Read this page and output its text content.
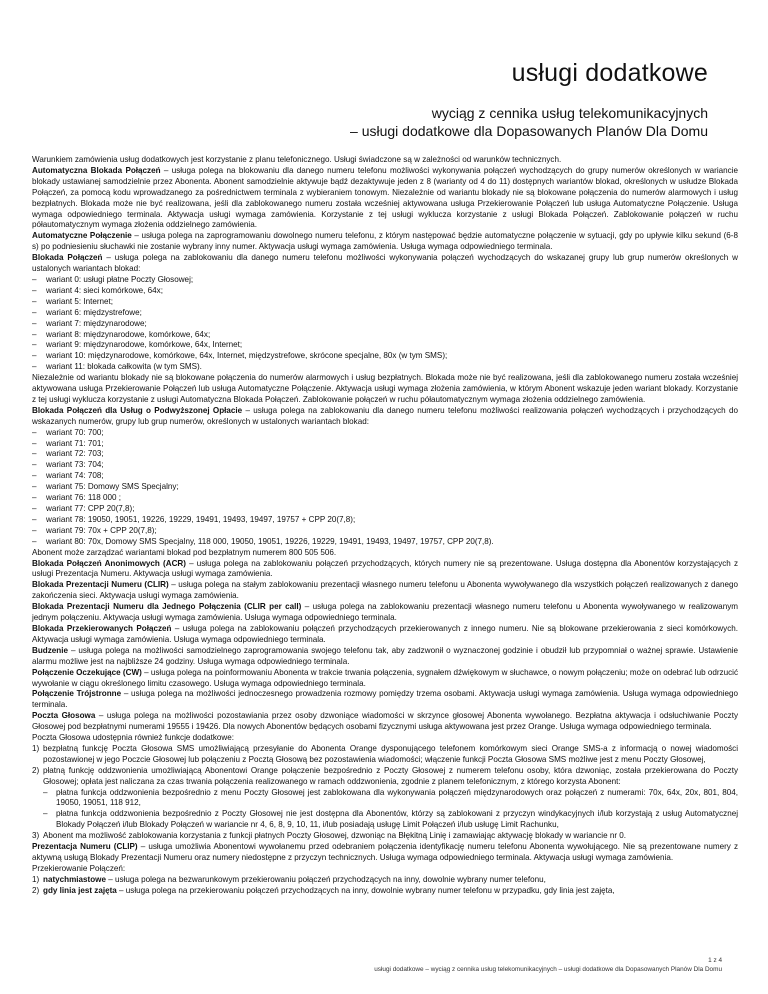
usługi dodatkowe
wyciąg z cennika usług telekomunikacyjnych
– usługi dodatkowe dla Dopasowanych Planów Dla Domu

Warunkiem zamówienia usług dodatkowych jest korzystanie z planu telefonicznego. Usługi świadczone są w zależności od warunków technicznych.

Automatyczna Blokada Połączeń – usługa polega na blokowaniu dla danego numeru telefonu możliwości wykonywania połączeń wychodzących do grupy numerów określonych w wariancie blokady ustawianej samodzielnie przez Abonenta. Abonent samodzielnie aktywuje bądź dezaktywuje jeden z 8 (warianty od 4 do 11) dostępnych wariantów blokad, określonych w usłudze Blokada Połączeń, za pomocą kodu wprowadzanego za pośrednictwem terminala z wybieraniem tonowym. Niezależnie od wariantu blokady nie są blokowane połączenia do numerów alarmowych i usług bezpłatnych. Blokada może nie być realizowana, jeśli dla zablokowanego numeru została wcześniej aktywowana usługa Przekierowanie Połączeń lub usługa Automatyczne Połączenie. Usługa wymaga odpowiedniego terminala. Aktywacja usługi wymaga zamówienia. Korzystanie z tej usługi wyklucza korzystanie z usługi Blokada Połączeń. Zablokowanie połączeń w ruchu półautomatycznym wymaga złożenia oddzielnego zamówienia.

Automatyczne Połączenie – usługa polega na zaprogramowaniu dowolnego numeru telefonu, z którym następować będzie automatyczne połączenie w sytuacji, gdy po upływie kilku sekund (6-8 s) po podniesieniu słuchawki nie zostanie wybrany inny numer. Aktywacja usługi wymaga zamówienia. Usługa wymaga odpowiedniego terminala.

Blokada Połączeń – usługa polega na zablokowaniu dla danego numeru telefonu możliwości wykonywania połączeń wychodzących do wskazanej grupy lub grup numerów określonych w ustalonych wariantach blokad:

– wariant 0: usługi płatne Poczty Głosowej;

– wariant 4: sieci komórkowe, 64x;

– wariant 5: Internet;

– wariant 6: międzystrefowe;

– wariant 7: międzynarodowe;

– wariant 8: międzynarodowe, komórkowe, 64x;

– wariant 9: międzynarodowe, komórkowe, 64x, Internet;

– wariant 10: międzynarodowe, komórkowe, 64x, Internet, międzystrefowe, skrócone specjalne, 80x (w tym SMS);

– wariant 11: blokada całkowita (w tym SMS).

Niezależnie od wariantu blokady nie są blokowane połączenia do numerów alarmowych i usług bezpłatnych. Blokada może nie być realizowana, jeśli dla zablokowanego numeru została wcześniej aktywowana usługa Przekierowanie Połączeń lub usługa Automatyczne Połączenie. Aktywacja usługi wymaga złożenia zamówienia, w którym Abonent wskazuje jeden wariant blokady. Korzystanie z tej usługi wyklucza korzystanie z usługi Automatyczna Blokada Połączeń. Zablokowanie połączeń w ruchu półautomatycznym wymaga złożenia oddzielnego zamówienia.

Blokada Połączeń dla Usług o Podwyższonej Opłacie – usługa polega na zablokowaniu dla danego numeru telefonu możliwości realizowania połączeń wychodzących i przychodzących do wskazanych numerów, grupy lub grup numerów, określonych w ustalonych wariantach blokad:

– wariant 70: 700;

– wariant 71: 701;

– wariant 72: 703;

– wariant 73: 704;

– wariant 74: 708;

– wariant 75: Domowy SMS Specjalny;

– wariant 76: 118 000 ;

– wariant 77: CPP 20(7,8);

– wariant 78: 19050, 19051, 19226, 19229, 19491, 19493, 19497, 19757 + CPP 20(7,8);

– wariant 79: 70x + CPP 20(7,8);

– wariant 80: 70x, Domowy SMS Specjalny, 118 000, 19050, 19051, 19226, 19229, 19491, 19493, 19497, 19757, CPP 20(7,8).

Abonent może zarządzać wariantami blokad pod bezpłatnym numerem 800 505 506.

Blokada Połączeń Anonimowych (ACR) – usługa polega na zablokowaniu połączeń przychodzących, których numery nie są prezentowane. Usługa dostępna dla Abonentów korzystających z usługi Prezentacja Numeru. Aktywacja usługi wymaga zamówienia.

Blokada Prezentacji Numeru (CLIR) – usługa polega na stałym zablokowaniu prezentacji własnego numeru telefonu u Abonenta wywoływanego dla wszystkich połączeń realizowanych z danego zakończenia sieci. Aktywacja usługi wymaga zamówienia.

Blokada Prezentacji Numeru dla Jednego Połączenia (CLIR per call) – usługa polega na zablokowaniu prezentacji własnego numeru telefonu u Abonenta wywoływanego w realizowanym jednym połączeniu. Aktywacja usługi wymaga zamówienia. Usługa wymaga odpowiedniego terminala.

Blokada Przekierowanych Połączeń – usługa polega na zablokowaniu połączeń przychodzących przekierowanych z innego numeru. Nie są blokowane przekierowania z sieci komórkowych. Aktywacja usługi wymaga zamówienia. Usługa wymaga odpowiedniego terminala.

Budzenie – usługa polega na możliwości samodzielnego zaprogramowania swojego telefonu tak, aby zadzwonił o wyznaczonej godzinie i obudził lub przypomniał o ważnej sprawie. Ustawienie alarmu możliwe jest na najbliższe 24 godziny. Usługa wymaga odpowiedniego terminala.

Połączenie Oczekujące (CW) – usługa polega na poinformowaniu Abonenta w trakcie trwania połączenia, sygnałem dźwiękowym w słuchawce, o nowym połączeniu; może on odebrać lub odrzucić wywołanie w ciągu określonego limitu czasowego. Usługa wymaga odpowiedniego terminala.

Połączenie Trójstronne – usługa polega na możliwości jednoczesnego prowadzenia rozmowy pomiędzy trzema osobami. Aktywacja usługi wymaga zamówienia. Usługa wymaga odpowiedniego terminala.

Poczta Głosowa – usługa polega na możliwości pozostawiania przez osoby dzwoniące wiadomości w skrzynce głosowej Abonenta wywołanego. Bezpłatna aktywacja i odsłuchiwanie Poczty Głosowej pod bezpłatnymi numerami 19555 i 19426. Dla nowych Abonentów będących osobami fizycznymi usługa aktywowana jest przez Orange. Usługa wymaga odpowiedniego terminala.

Poczta Głosowa udostępnia również funkcje dodatkowe:

1) bezpłatną funkcję Poczta Głosowa SMS umożliwiającą przesyłanie do Abonenta Orange dysponującego telefonem komórkowym sieci Orange SMS-a z informacją o nowej wiadomości pozostawionej w jego Poczcie Głosowej lub połączeniu z Pocztą Głosową bez pozostawienia wiadomości; włączenie funkcji Poczta Głosowa SMS możliwe jest z menu Poczty Głosowej,

2) płatną funkcję oddzwonienia umożliwiającą Abonentowi Orange połączenie bezpośrednio z Poczty Głosowej z numerem telefonu osoby, która dzwoniąc, została przekierowana do Poczty Głosowej; opłata jest naliczana za czas trwania połączenia realizowanego w ramach oddzwonienia, zgodnie z planem telefonicznym, z którego korzysta Abonent:

– płatna funkcja oddzwonienia bezpośrednio z menu Poczty Głosowej jest zablokowana dla wykonywania połączeń międzynarodowych oraz połączeń z numerami: 70x, 64x, 20x, 801, 804, 19050, 19051, 118 912,

– płatna funkcja oddzwonienia bezpośrednio z Poczty Głosowej nie jest dostępna dla Abonentów, którzy są zablokowani z przyczyn windykacyjnych i/lub korzystają z usług Automatycznej Blokady Połączeń i/lub Blokady Połączeń w wariancie nr 4, 6, 8, 9, 10, 11, i/lub posiadają usługę Limit Połączeń i/lub usługę Limit Rachunku,

3) Abonent ma możliwość zablokowania korzystania z funkcji płatnych Poczty Głosowej, dzwoniąc na Błękitną Linię i zamawiając aktywację blokady w wariancie nr 0.

Prezentacja Numeru (CLIP) – usługa umożliwia Abonentowi wywołanemu przed odebraniem połączenia identyfikację numeru telefonu Abonenta wywołującego. Nie są prezentowane numery z aktywną usługą Blokady Prezentacji Numeru oraz numery niedostępne z przyczyn technicznych. Usługa wymaga odpowiedniego terminala. Aktywacja usługi wymaga zamówienia.

Przekierowanie Połączeń:

1) natychmiastowe – usługa polega na bezwarunkowym przekierowaniu połączeń przychodzących na inny, dowolnie wybrany numer telefonu,

2) gdy linia jest zajęta – usługa polega na przekierowaniu połączeń przychodzących na inny, dowolnie wybrany numer telefonu w przypadku, gdy linia jest zajęta,

1 z 4
usługi dodatkowe – wyciąg z cennika usług telekomunikacyjnych – usługi dodatkowe dla Dopasowanych Planów Dla Domu
